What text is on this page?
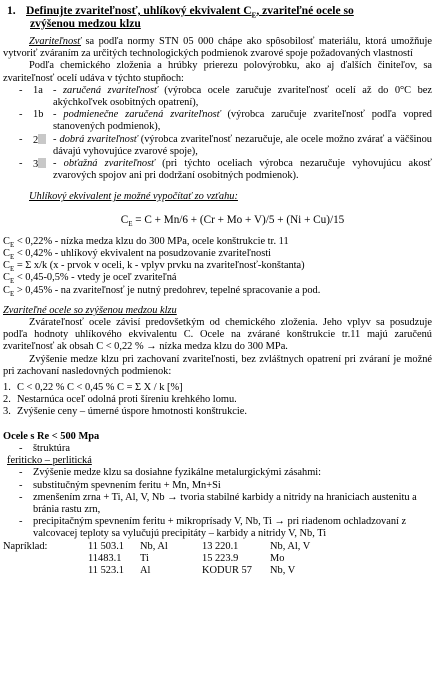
1. Definujte zvariteľnosť, uhlíkový ekvivalent $C_E$, zvariteľné ocele so
zvýšenou medzou klzu

Zvariteľnosť sa podľa normy STN 05 000 chápe ako spôsobilosť materiálu, ktorá umožňuje vytvoriť zváraním za určitých technologických podmienok zvarové spoje požadovaných vlastností

Podľa chemického zloženia a hrúbky prierezu polovýrobku, ako aj ďalších činiteľov, sa zvariteľnosť ocelí udáva v týchto stupňoch:

-	1a - zaručená zvariteľnosť (výrobca ocele zaručuje zvariteľnosť ocelí až do 0°C bez akýchkoľvek osobitných opatrení),
-	1b - podmienečne zaručená zvariteľnosť (výrobca zaručuje zvariteľnosť podľa vopred stanovených podmienok),
-	2	- dobrá zvariteľnosť (výrobca zvariteľnosť nezaručuje, ale ocele možno zvárať a väčšinou dávajú vyhovujúce zvarové spoje),
-	3	- obťažná zvariteľnosť (pri týchto oceliach výrobca nezaručuje vyhovujúcu akosť zvarových spojov ani pri dodržaní osobitných podmienok).
Uhlíkový ekvivalent je možné vypočítať zo vzťahu:
$C_E = C + Mn/6 + (Cr + Mo + V)/5 + (Ni + Cu)/15$
$C_E < 0,22\%$ - nízka medza klzu do 300 MPa, ocele konštrukcie tr. 11
$C_E < 0,42\%$ - uhlíkový ekvivalent na posudzovanie zvariteľnosti
$C_E = \Sigma$ x/k (x - prvok v oceli, k - vplyv prvku na zvariteľnosť-konštanta)
$C_E < 0,45-0,5\%$ - vtedy je oceľ zvariteľná
$C_E > 0,45\%$ - na zvariteľnosť je nutný predohrev, tepelné spracovanie a pod.
Zvariteľné ocele so zvýšenou medzou klzu

Zvárateľnosť ocele závisí predovšetkým od chemického zloženia. Jeho vplyv sa posudzuje podľa hodnoty uhlíkového ekvivalentu C. Ocele na zvárané konštrukcie tr.11 majú zaručenú zvariteľnosť ak obsah C < 0,22 % → nízka medza klzu do 300 MPa.

Zvýšenie medze klzu pri zachovaní zvariteľnosti, bez zvláštnych opatrení pri zváraní je možné pri zachovaní nasledovných podmienok:

1. C < 0,22 % C < 0,45 % C = Σ X / k [%]
2. Nestarnúca oceľ odolná proti šíreniu krehkého lomu.
3. Zvýšenie ceny – úmerné úspore hmotnosti konštrukcie.
Ocele s Re < 500 Mpa
-	štruktúra
feriticko – perlitická
-	Zvýšenie medze klzu sa dosiahne fyzikálne metalurgickými zásahmi:
-	substitučným spevnením feritu + Mn, Mn+Si
-	zmenšením zrna + Ti, Al, V, Nb → tvoria stabilné karbidy a nitridy na hraniciach austenitu a bránia rastu zrn,
-	precipitačným spevnením feritu + mikroprísady V, Nb, Ti → pri riadenom ochladzovaní z valcovacej teploty sa vylučujú precipitáty – karbidy a nitridy V, Nb, Ti
Napríklad:	11 503.1	Nb, Al	13 220.1	Nb, Al, V
11483.1	Ti	15 223.9	Mo
11 523.1	Al	KODUR 57	Nb, V
